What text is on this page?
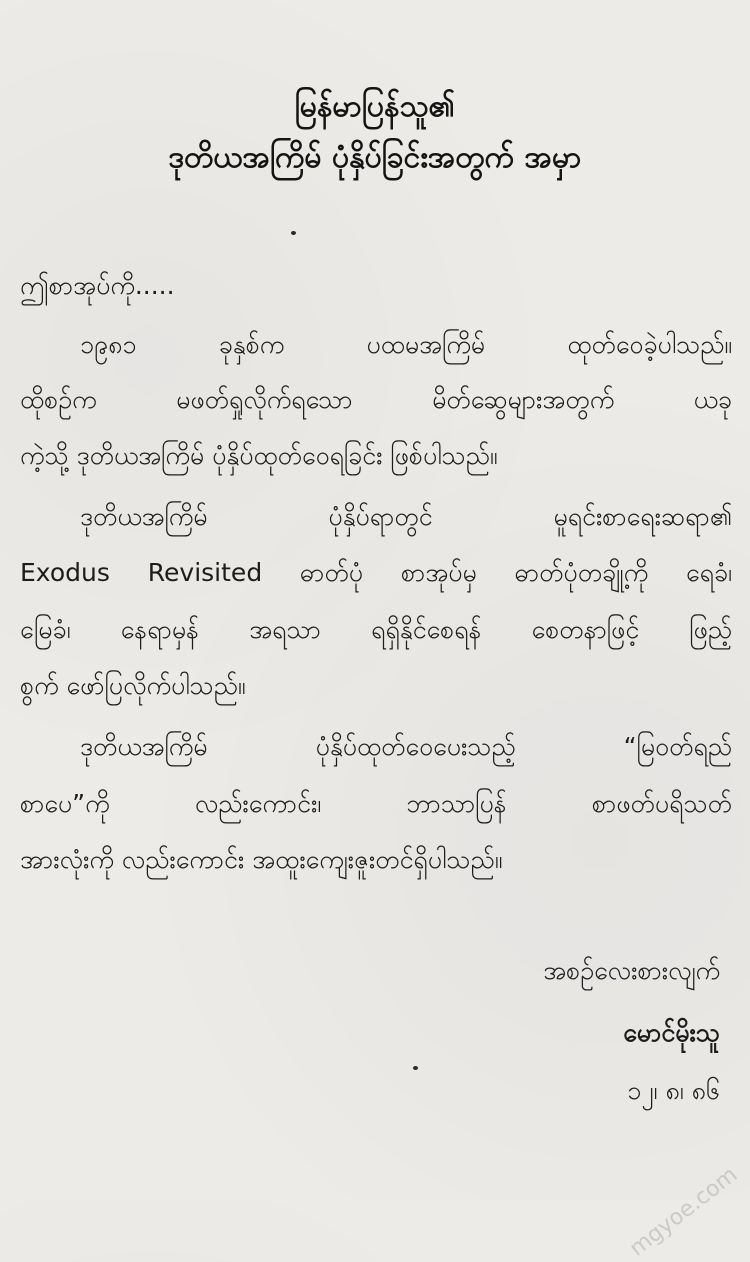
မြန်မာပြန်သူ၏
ဒုတိယအကြိမ် ပုံနှိပ်ခြင်းအတွက် အမှာ
ဤစာအုပ်ကို.....
၁၉၈၁ ခုနှစ်က ပထမအကြိမ် ထုတ်ဝေခဲ့ပါသည်။
ထိုစဉ်က မဖတ်ရှုလိုက်ရသော မိတ်ဆွေများအတွက် ယခု
ကဲ့သို့ ဒုတိယအကြိမ် ပုံနှိပ်ထုတ်ဝေရခြင်း ဖြစ်ပါသည်။
ဒုတိယအကြိမ် ပုံနှိပ်ရာတွင် မူရင်းစာရေးဆရာ၏
Exodus Revisited ဓာတ်ပုံ စာအုပ်မှ ဓာတ်ပုံတချို့ကို ရေခံ၊
မြေခံ၊ နေရာမှန် အရသာ ရရှိနိုင်စေရန် စေတနာဖြင့် ဖြည့်
စွက် ဖော်ပြလိုက်ပါသည်။
ဒုတိယအကြိမ် ပုံနှိပ်ထုတ်ဝေပေးသည့် “မြဝတ်ရည်
စာပေ”ကို လည်းကောင်း၊ ဘာသာပြန် စာဖတ်ပရိသတ်
အားလုံးကို လည်းကောင်း အထူးကျေးဇူးတင်ရှိပါသည်။
အစဉ်လေးစားလျက်
မောင်မိုးသူ
၁၂၊ ၈၊ ၈၆
mgyoe.com
